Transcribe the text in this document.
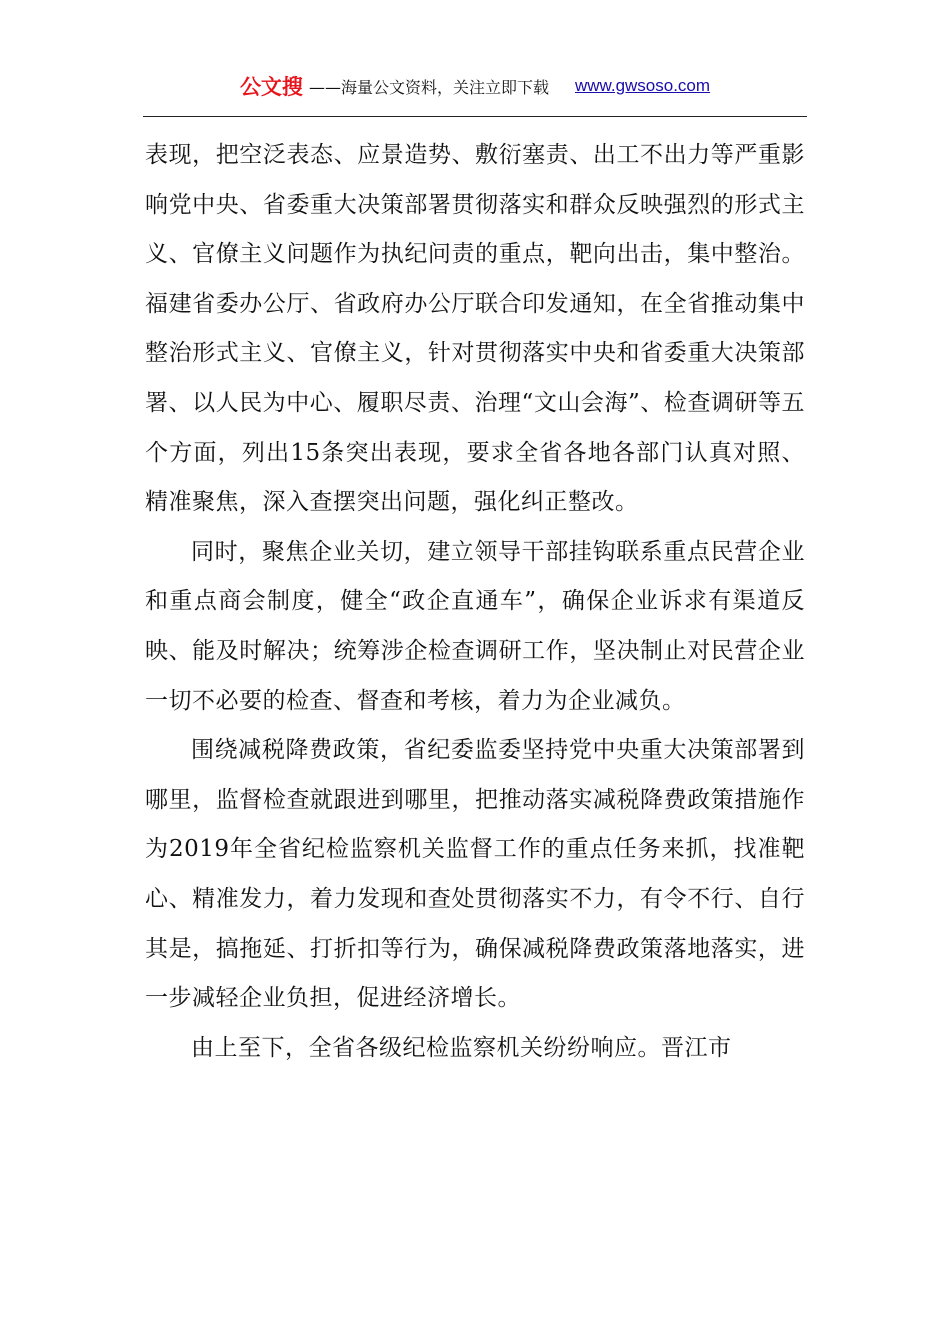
公文搜 ——海量公文资料，关注立即下载 www.gwsoso.com

表现，把空泛表态、应景造势、敷衍塞责、出工不出力等严重影响党中央、省委重大决策部署贯彻落实和群众反映强烈的形式主义、官僚主义问题作为执纪问责的重点，靶向出击，集中整治。福建省委办公厅、省政府办公厅联合印发通知，在全省推动集中整治形式主义、官僚主义，针对贯彻落实中央和省委重大决策部署、以人民为中心、履职尽责、治理“文山会海”、检查调研等五个方面，列出15条突出表现，要求全省各地各部门认真对照、精准聚焦，深入查摆突出问题，强化纠正整改。

同时，聚焦企业关切，建立领导干部挂钩联系重点民营企业和重点商会制度，健全“政企直通车”，确保企业诉求有渠道反映、能及时解决；统筹涉企检查调研工作，坚决制止对民营企业一切不必要的检查、督查和考核，着力为企业减负。

围绕减税降费政策，省纪委监委坚持党中央重大决策部署到哪里，监督检查就跟进到哪里，把推动落实减税降费政策措施作为2019年全省纪检监察机关监督工作的重点任务来抓，找准靶心、精准发力，着力发现和查处贯彻落实不力，有令不行、自行其是，搞拖延、打折扣等行为，确保减税降费政策落地落实，进一步减轻企业负担，促进经济增长。

由上至下，全省各级纪检监察机关纷纷响应。晋江市
